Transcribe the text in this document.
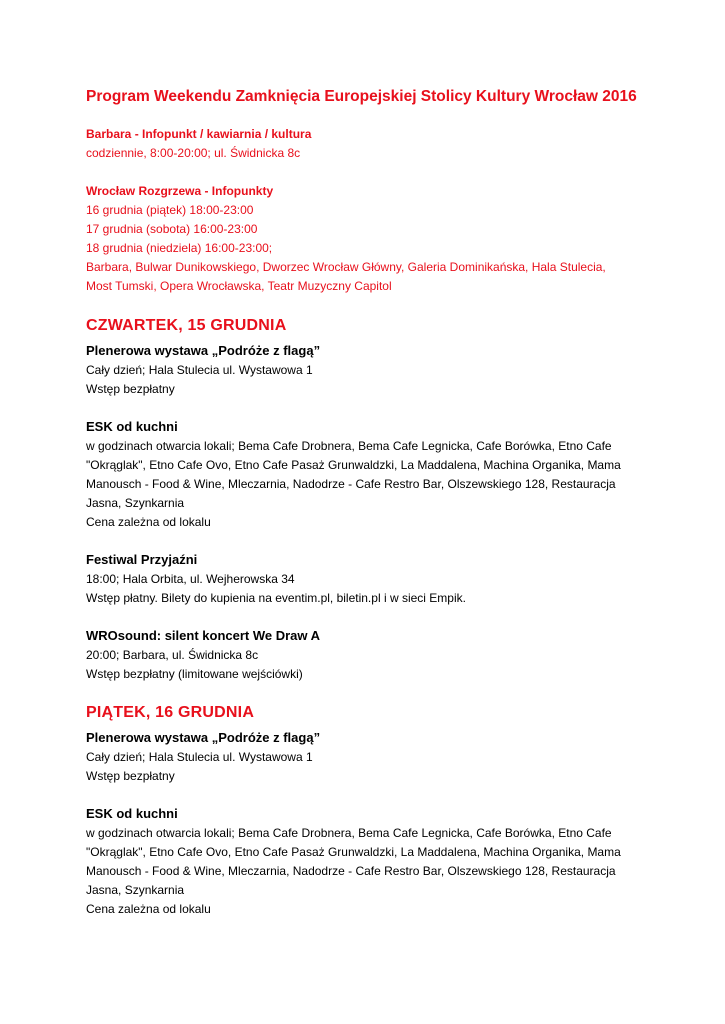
Program Weekendu Zamknięcia Europejskiej Stolicy Kultury Wrocław 2016
Barbara - Infopunkt / kawiarnia / kultura
codziennie, 8:00-20:00; ul. Świdnicka 8c
Wrocław Rozgrzewa - Infopunkty
16 grudnia (piątek) 18:00-23:00
17 grudnia (sobota) 16:00-23:00
18 grudnia (niedziela) 16:00-23:00;
Barbara, Bulwar Dunikowskiego, Dworzec Wrocław Główny, Galeria Dominikańska, Hala Stulecia,
Most Tumski, Opera Wrocławska, Teatr Muzyczny Capitol
CZWARTEK, 15 GRUDNIA
Plenerowa wystawa „Podróże z flagą”
Cały dzień; Hala Stulecia ul. Wystawowa 1
Wstęp bezpłatny
ESK od kuchni
w godzinach otwarcia lokali; Bema Cafe Drobnera, Bema Cafe Legnicka, Cafe Borówka, Etno Cafe
"Okrąglak", Etno Cafe Ovo, Etno Cafe Pasaż Grunwaldzki, La Maddalena, Machina Organika, Mama
Manousch - Food & Wine, Mleczarnia, Nadodrze - Cafe Restro Bar, Olszewskiego 128, Restauracja
Jasna, Szynkarnia
Cena zależna od lokalu
Festiwal Przyjaźni
18:00; Hala Orbita, ul. Wejherowska 34
Wstęp płatny. Bilety do kupienia na eventim.pl, biletin.pl i w sieci Empik.
WROsound: silent koncert We Draw A
20:00; Barbara, ul. Świdnicka 8c
Wstęp bezpłatny (limitowane wejściówki)
PIĄTEK, 16 GRUDNIA
Plenerowa wystawa „Podróże z flagą”
Cały dzień; Hala Stulecia ul. Wystawowa 1
Wstęp bezpłatny
ESK od kuchni
w godzinach otwarcia lokali; Bema Cafe Drobnera, Bema Cafe Legnicka, Cafe Borówka, Etno Cafe
"Okrąglak", Etno Cafe Ovo, Etno Cafe Pasaż Grunwaldzki, La Maddalena, Machina Organika, Mama
Manousch - Food & Wine, Mleczarnia, Nadodrze - Cafe Restro Bar, Olszewskiego 128, Restauracja
Jasna, Szynkarnia
Cena zależna od lokalu
